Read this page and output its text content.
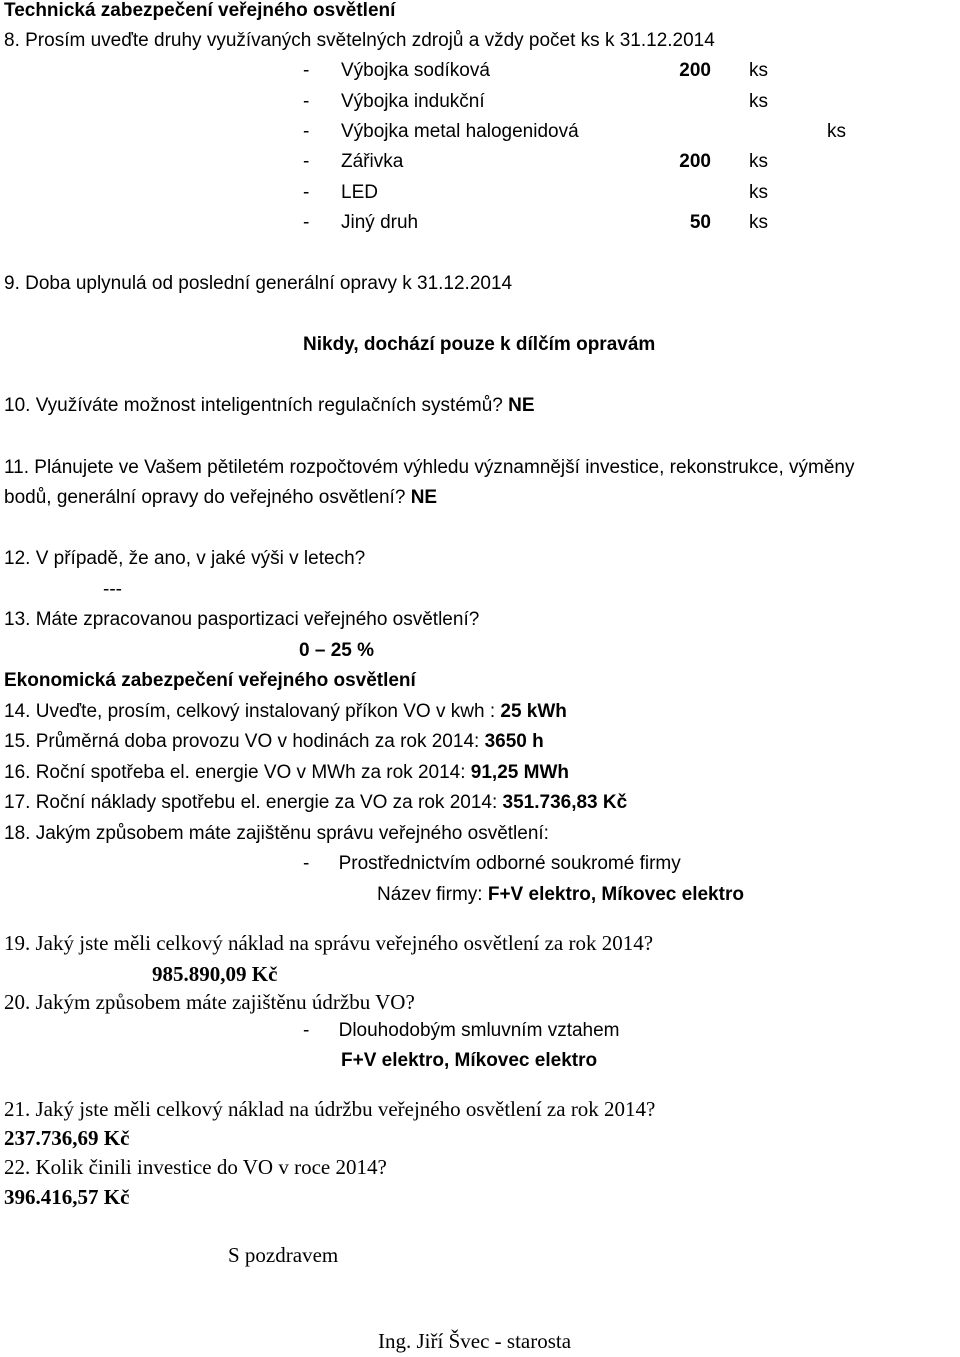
Technická zabezpečení veřejného osvětlení
8. Prosím uveďte druhy využívaných světelných zdrojů a vždy počet ks k 31.12.2014
- Výbojka sodíková	200 ks
- Výbojka indukční	ks
- Výbojka metal halogenidová	ks
- Zářivka	200 ks
- LED	ks
- Jiný druh	50 ks
9. Doba uplynulá od poslední generální opravy k 31.12.2014
Nikdy, dochází pouze k dílčím opravám
10. Využíváte možnost inteligentních regulačních systémů? NE
11. Plánujete ve Vašem pětiletém rozpočtovém výhledu významnější investice, rekonstrukce, výměny
bodů, generální opravy do veřejného osvětlení? NE
12. V případě, že ano, v jaké výši v letech?
---
13. Máte zpracovanou pasportizaci veřejného osvětlení?
0 – 25 %
Ekonomická zabezpečení veřejného osvětlení
14. Uveďte, prosím, celkový instalovaný příkon VO v kwh : 25 kWh
15. Průměrná doba provozu VO v hodinách za rok 2014: 3650 h
16. Roční spotřeba el. energie VO v MWh za rok 2014: 91,25 MWh
17. Roční náklady spotřebu el. energie za VO za rok 2014: 351.736,83 Kč
18. Jakým způsobem máte zajištěnu správu veřejného osvětlení:
- Prostřednictvím odborné soukromé firmy
Název firmy: F+V elektro, Míkovec elektro
19. Jaký jste měli celkový náklad na správu veřejného osvětlení za rok 2014?
985.890,09 Kč
20. Jakým způsobem máte zajištěnu údržbu VO?
- Dlouhodobým smluvním vztahem
F+V elektro, Míkovec elektro
21. Jaký jste měli celkový náklad na údržbu veřejného osvětlení za rok 2014?
237.736,69 Kč
22. Kolik činili investice do VO v roce 2014?
396.416,57 Kč
S pozdravem
Ing. Jiří Švec - starosta
